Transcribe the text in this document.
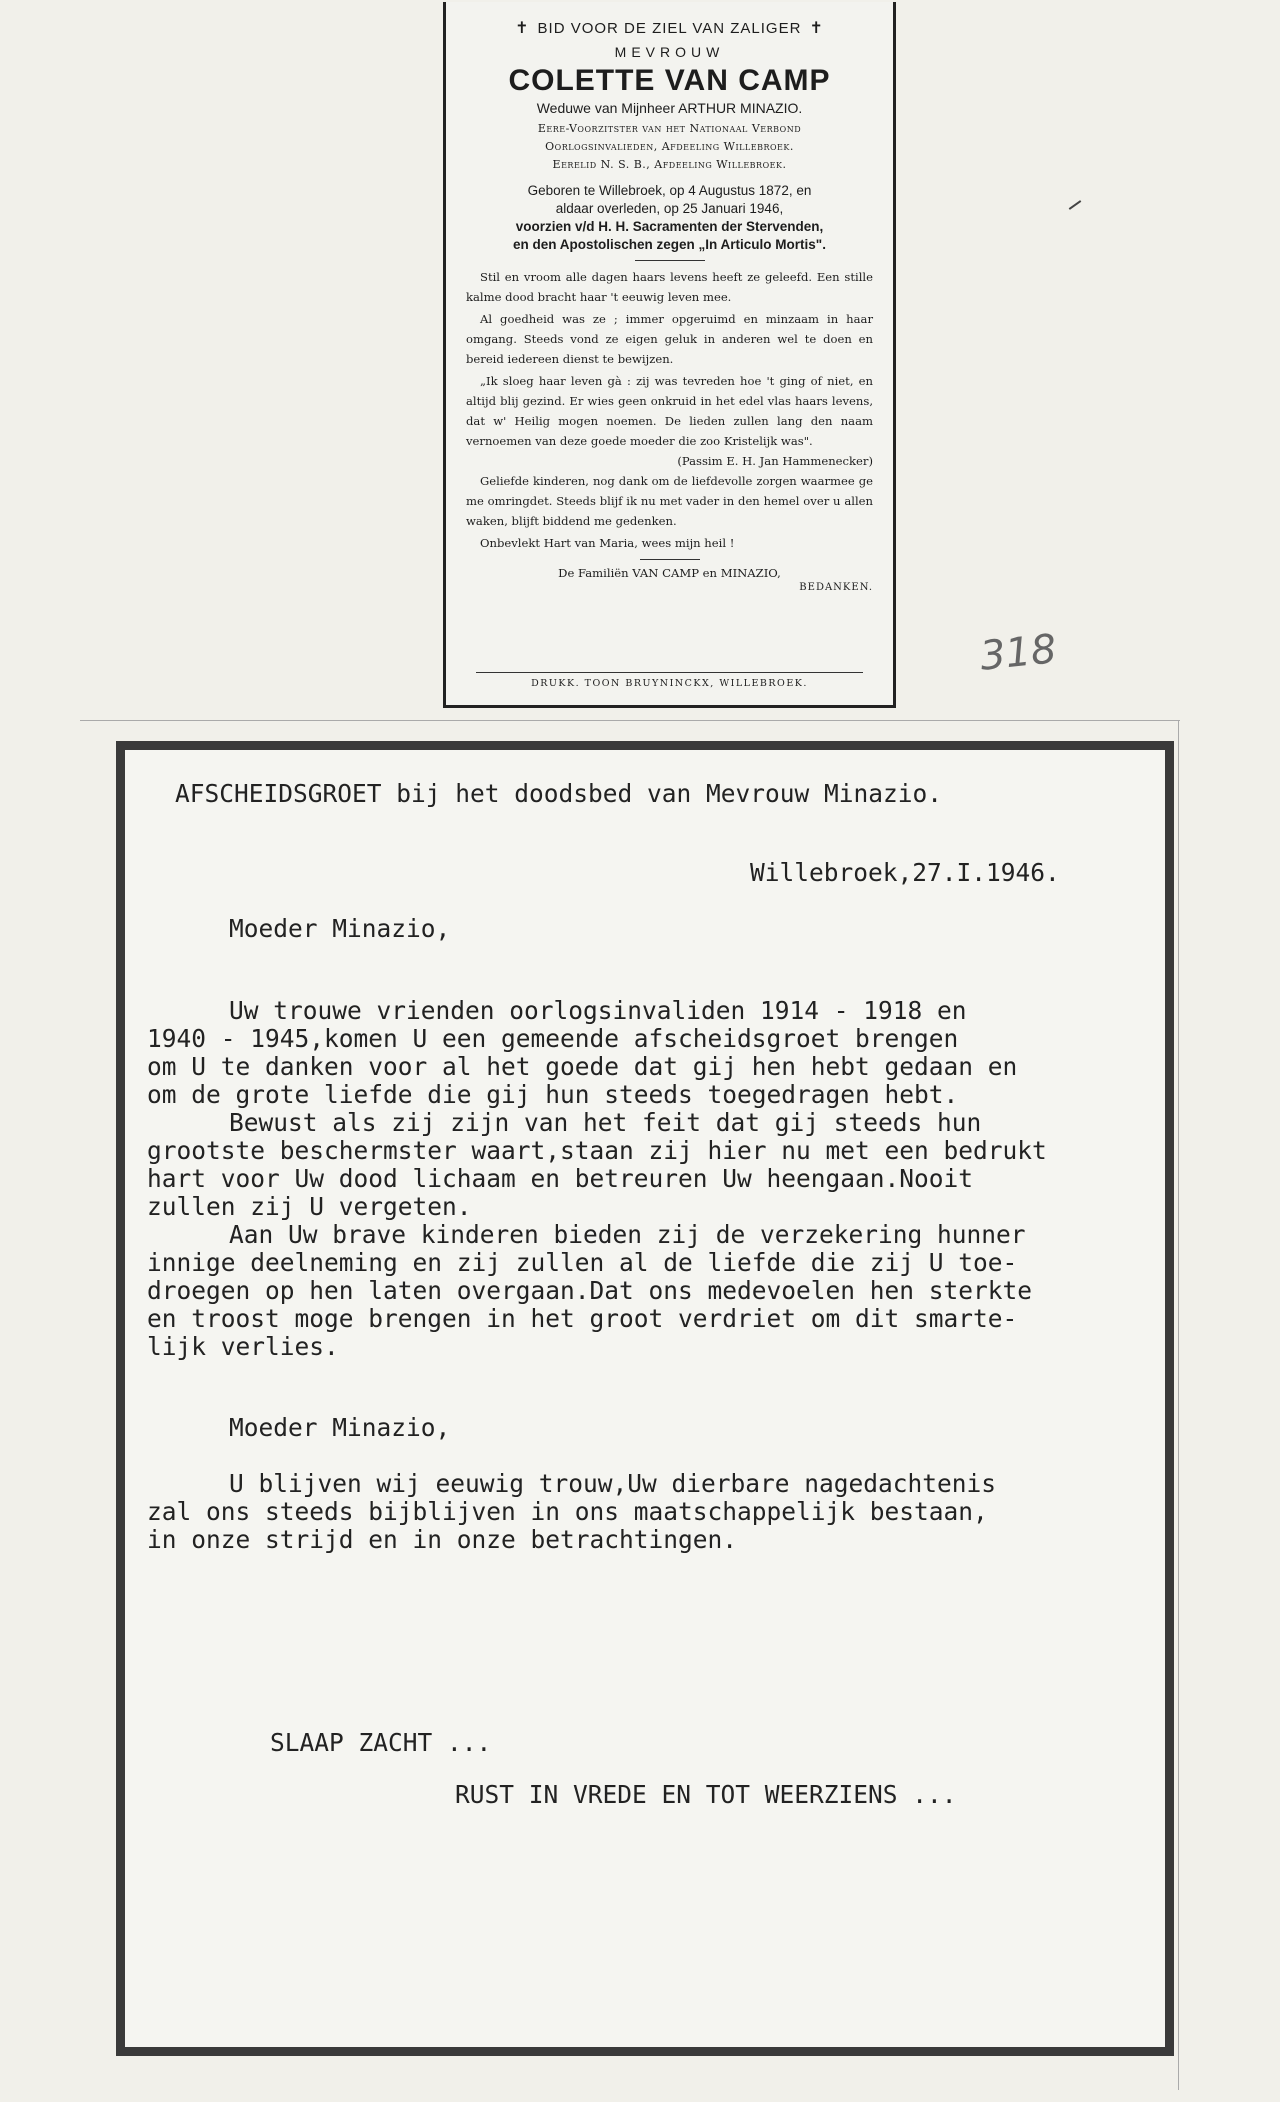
✝ BID VOOR DE ZIEL VAN ZALIGER ✝
MEVROUW
COLETTE VAN CAMP
Weduwe van Mijnheer ARTHUR MINAZIO.
Eere-Voorzitster van het Nationaal Verbond
Oorlogsinvalieden, Afdeeling Willebroek.
Eerelid N. S. B., Afdeeling Willebroek.
Geboren te Willebroek, op 4 Augustus 1872, en
aldaar overleden, op 25 Januari 1946,
voorzien v/d H. H. Sacramenten der Stervenden,
en den Apostolischen zegen „In Articulo Mortis".

Stil en vroom alle dagen haars levens heeft ze geleefd. Een stille kalme dood bracht haar 't eeuwig leven mee.

Al goedheid was ze ; immer opgeruimd en minzaam in haar omgang. Steeds vond ze eigen geluk in anderen wel te doen en bereid iedereen dienst te bewijzen.

„Ik sloeg haar leven gà : zij was tevreden hoe 't ging of niet, en altijd blij gezind. Er wies geen onkruid in het edel vlas haars levens, dat w' Heilig mogen noemen. De lieden zullen lang den naam vernoemen van deze goede moeder die zoo Kristelijk was".
(Passim E. H. Jan Hammenecker)

Geliefde kinderen, nog dank om de liefdevolle zorgen waarmee ge me omringdet. Steeds blijf ik nu met vader in den hemel over u allen waken, blijft biddend me gedenken.

Onbevlekt Hart van Maria, wees mijn heil !

De Familiën VAN CAMP en MINAZIO,
BEDANKEN.
DRUKK. TOON BRUYNINCKX, WILLEBROEK.
318
AFSCHEIDSGROET bij het doodsbed van Mevrouw Minazio.
Willebroek,27.I.1946.
Moeder Minazio,
Uw trouwe vrienden oorlogsinvaliden 1914 - 1918 en
1940 - 1945,komen U een gemeende afscheidsgroet brengen
om U te danken voor al het goede dat gij hen hebt gedaan en
om de grote liefde die gij hun steeds toegedragen hebt.
Bewust als zij zijn van het feit dat gij steeds hun
grootste beschermster waart,staan zij hier nu met een bedrukt
hart voor Uw dood lichaam en betreuren Uw heengaan.Nooit
zullen zij U vergeten.
Aan Uw brave kinderen bieden zij de verzekering hunner
innige deelneming en zij zullen al de liefde die zij U toe-
droegen op hen laten overgaan.Dat ons medevoelen hen sterkte
en troost moge brengen in het groot verdriet om dit smarte-
lijk verlies.
Moeder Minazio,
U blijven wij eeuwig trouw,Uw dierbare nagedachtenis
zal ons steeds bijblijven in ons maatschappelijk bestaan,
in onze strijd en in onze betrachtingen.
SLAAP ZACHT ...
RUST IN VREDE EN TOT WEERZIENS ...
